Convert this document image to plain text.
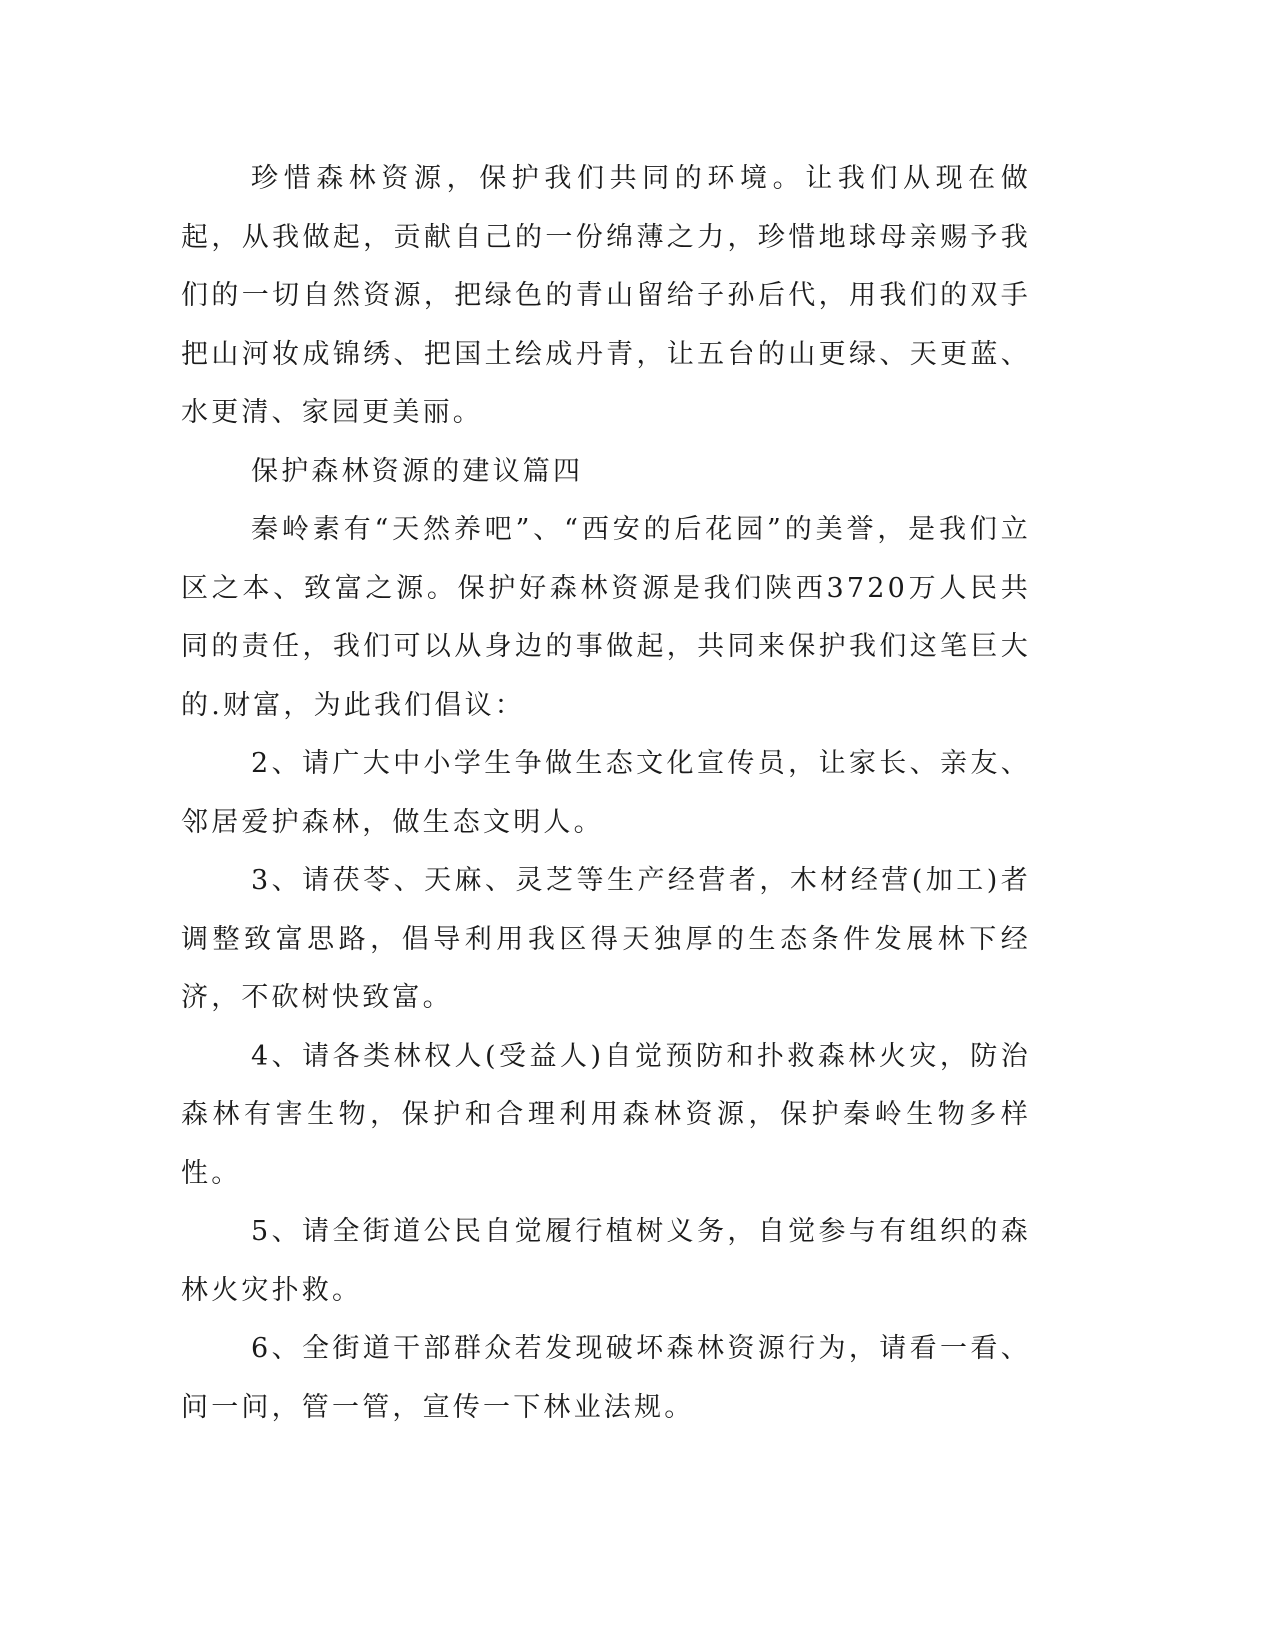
珍惜森林资源，保护我们共同的环境。让我们从现在做起，从我做起，贡献自己的一份绵薄之力，珍惜地球母亲赐予我们的一切自然资源，把绿色的青山留给子孙后代，用我们的双手把山河妆成锦绣、把国土绘成丹青，让五台的山更绿、天更蓝、水更清、家园更美丽。

保护森林资源的建议篇四

秦岭素有“天然养吧”、“西安的后花园”的美誉，是我们立区之本、致富之源。保护好森林资源是我们陕西3720万人民共同的责任，我们可以从身边的事做起，共同来保护我们这笔巨大的.财富，为此我们倡议：

2、请广大中小学生争做生态文化宣传员，让家长、亲友、邻居爱护森林，做生态文明人。

3、请茯苓、天麻、灵芝等生产经营者，木材经营(加工)者调整致富思路，倡导利用我区得天独厚的生态条件发展林下经济，不砍树快致富。

4、请各类林权人(受益人)自觉预防和扑救森林火灾，防治森林有害生物，保护和合理利用森林资源，保护秦岭生物多样性。

5、请全街道公民自觉履行植树义务，自觉参与有组织的森林火灾扑救。

6、全街道干部群众若发现破坏森林资源行为，请看一看、问一问，管一管，宣传一下林业法规。
